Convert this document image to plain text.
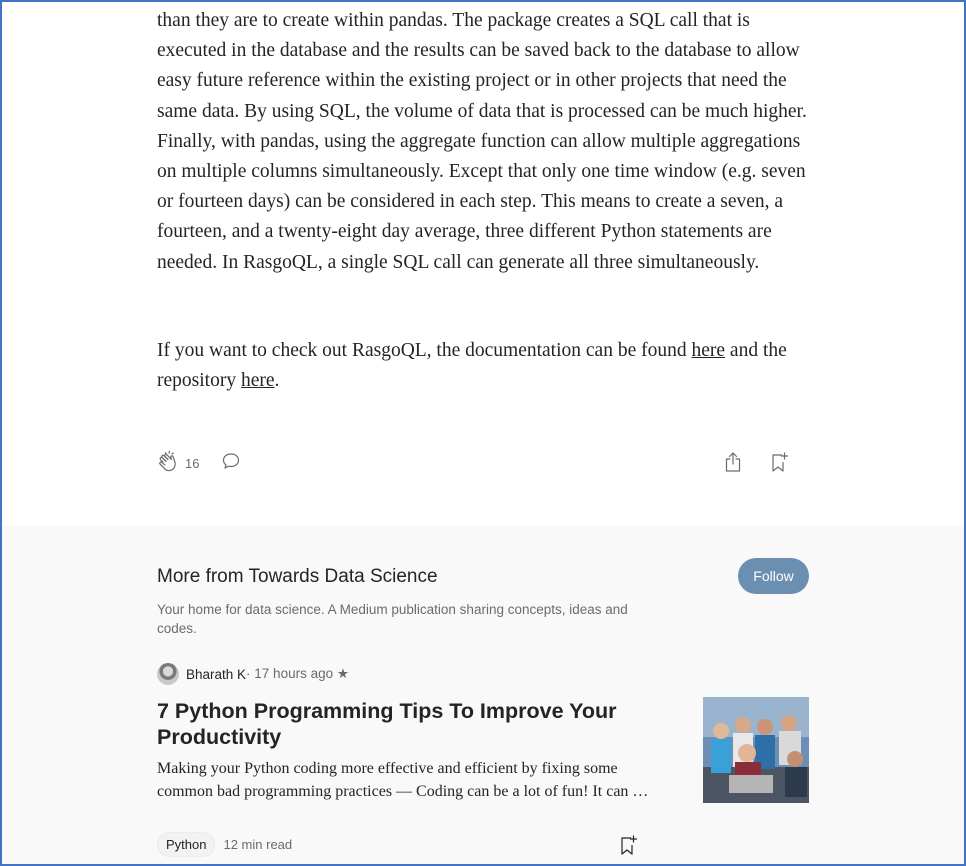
than they are to create within pandas. The package creates a SQL call that is executed in the database and the results can be saved back to the database to allow easy future reference within the existing project or in other projects that need the same data. By using SQL, the volume of data that is processed can be much higher. Finally, with pandas, using the aggregate function can allow multiple aggregations on multiple columns simultaneously. Except that only one time window (e.g. seven or fourteen days) can be considered in each step. This means to create a seven, a fourteen, and a twenty-eight day average, three different Python statements are needed. In RasgoQL, a single SQL call can generate all three simultaneously.

If you want to check out RasgoQL, the documentation can be found here and the repository here.

16
More from Towards Data Science
Your home for data science. A Medium publication sharing concepts, ideas and codes.
Follow
Bharath K · 17 hours ago ★
7 Python Programming Tips To Improve Your Productivity
Making your Python coding more effective and efficient by fixing some common bad programming practices — Coding can be a lot of fun! It can …
Python	12 min read
